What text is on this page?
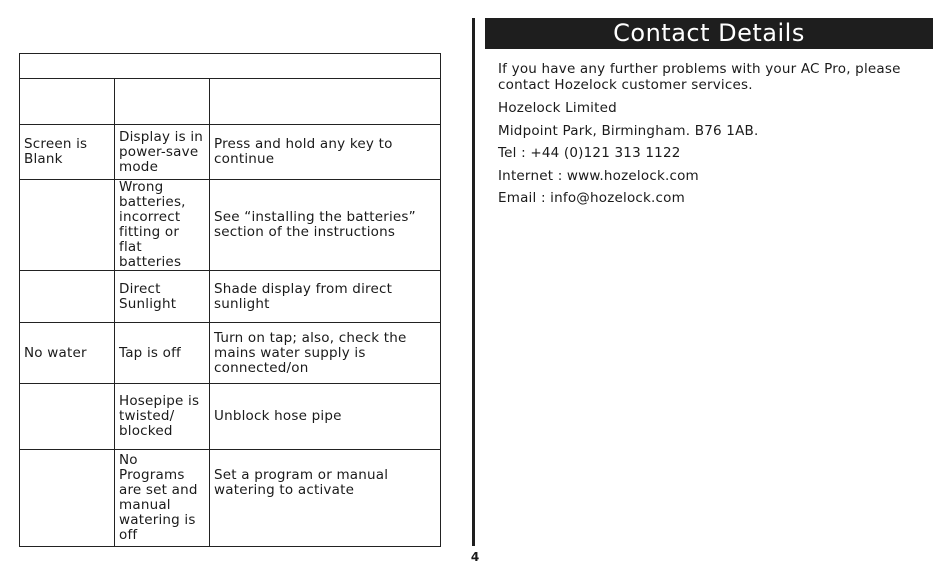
Screen is Blank	Display is in power-save mode	Press and hold any key to continue
	Wrong batteries, incorrect fitting or flat batteries	See “installing the batteries” section of the instructions
	Direct Sunlight	Shade display from direct sunlight
No water	Tap is off	Turn on tap; also, check the mains water supply is connected/on
	Hosepipe is twisted/ blocked	Unblock hose pipe
	No Programs are set and manual watering is off	Set a program or manual watering to activate
4
Contact Details

If you have any further problems with your AC Pro, please contact Hozelock customer services.

Hozelock Limited

Midpoint Park, Birmingham. B76 1AB.

Tel : +44 (0)121 313 1122

Internet : www.hozelock.com

Email : info@hozelock.com
